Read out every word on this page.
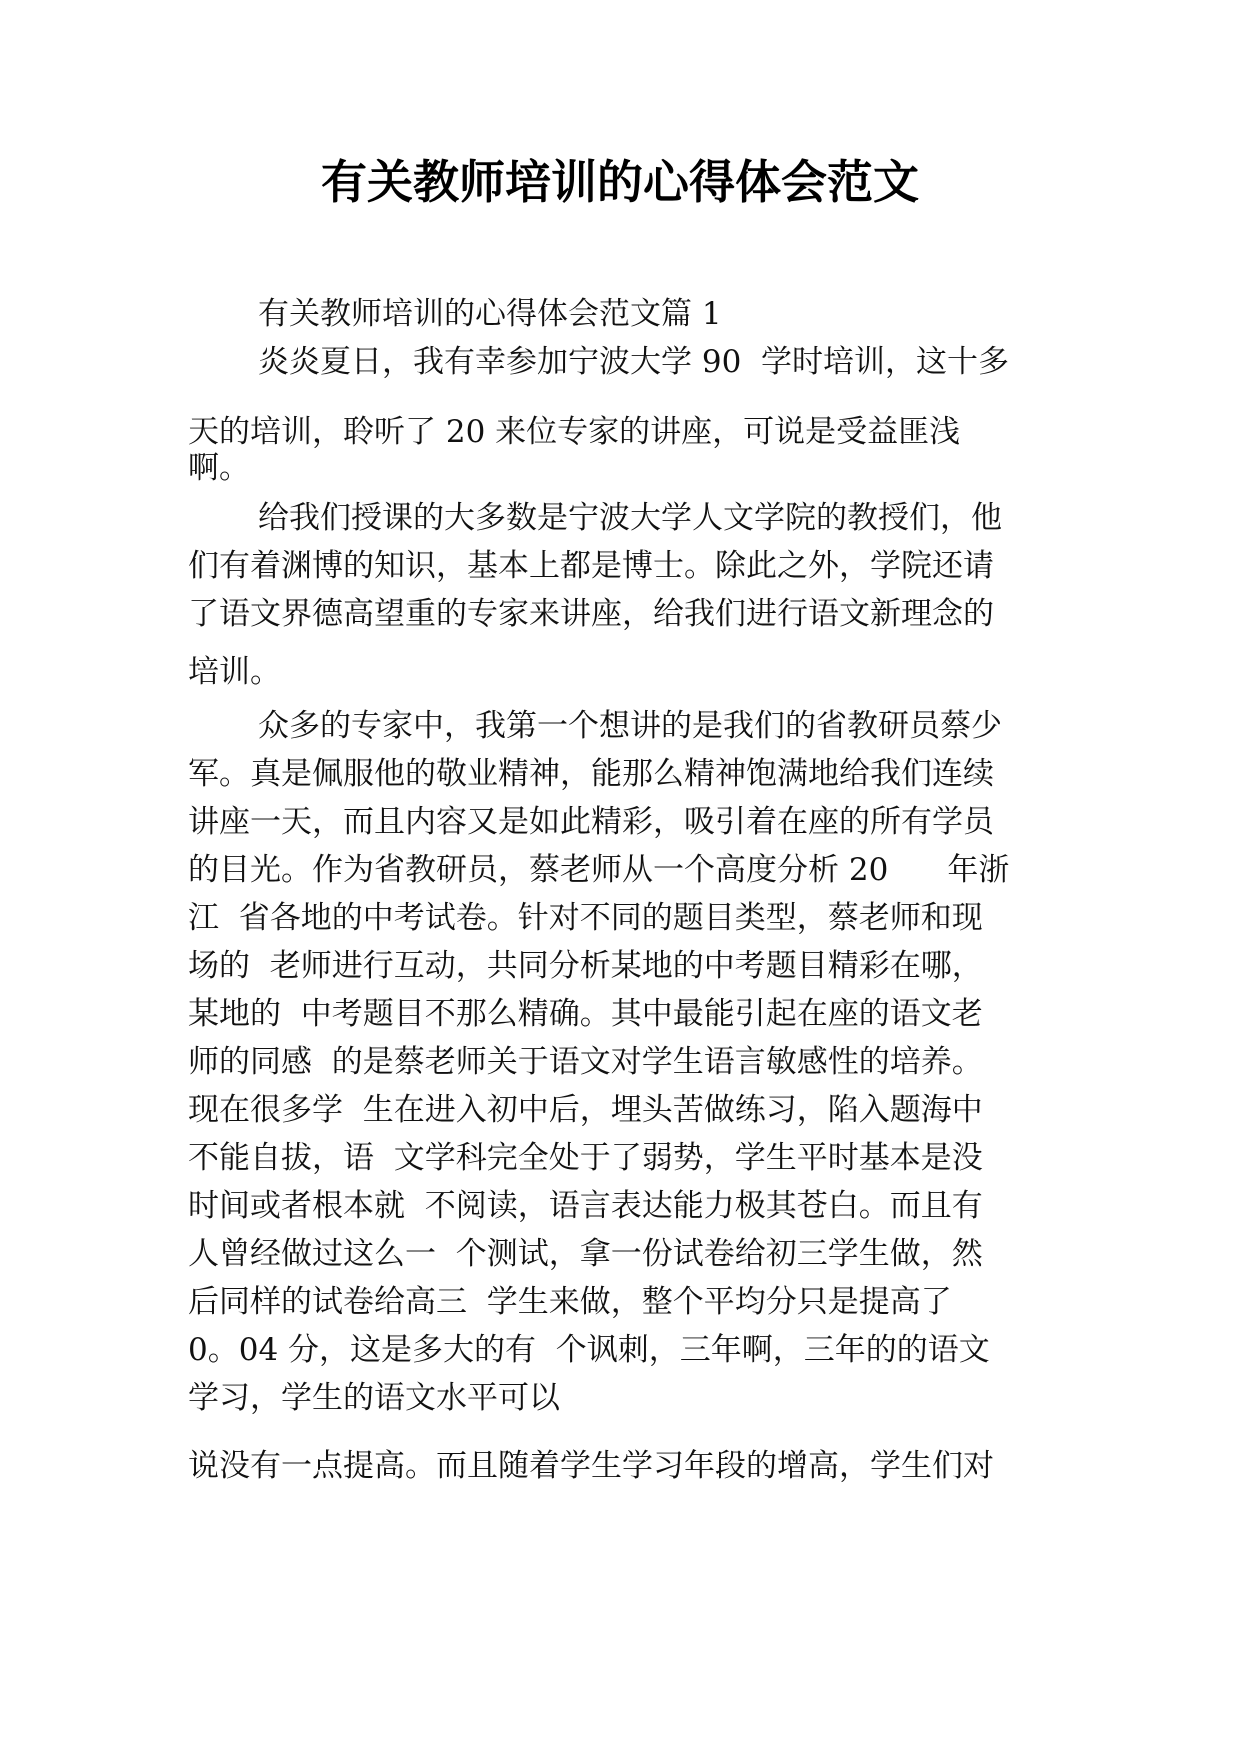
有关教师培训的心得体会范文
有关教师培训的心得体会范文篇 1
炎炎夏日，我有幸参加宁波大学 90  学时培训，这十多
天的培训，聆听了 20 来位专家的讲座，可说是受益匪浅
啊。
给我们授课的大多数是宁波大学人文学院的教授们，他
们有着渊博的知识，基本上都是博士。除此之外，学院还请
了语文界德高望重的专家来讲座，给我们进行语文新理念的
培训。
众多的专家中，我第一个想讲的是我们的省教研员蔡少
军。真是佩服他的敬业精神，能那么精神饱满地给我们连续
讲座一天，而且内容又是如此精彩，吸引着在座的所有学员
的目光。作为省教研员，蔡老师从一个高度分析 20      年浙
江  省各地的中考试卷。针对不同的题目类型，蔡老师和现
场的  老师进行互动，共同分析某地的中考题目精彩在哪，
某地的  中考题目不那么精确。其中最能引起在座的语文老
师的同感  的是蔡老师关于语文对学生语言敏感性的培养。
现在很多学  生在进入初中后，埋头苦做练习，陷入题海中
不能自拔，语  文学科完全处于了弱势，学生平时基本是没
时间或者根本就  不阅读，语言表达能力极其苍白。而且有
人曾经做过这么一  个测试，拿一份试卷给初三学生做，然
后同样的试卷给高三  学生来做，整个平均分只是提高了
0。04 分，这是多大的有  个讽刺，三年啊，三年的的语文
学习，学生的语文水平可以
说没有一点提高。而且随着学生学习年段的增高，学生们对
